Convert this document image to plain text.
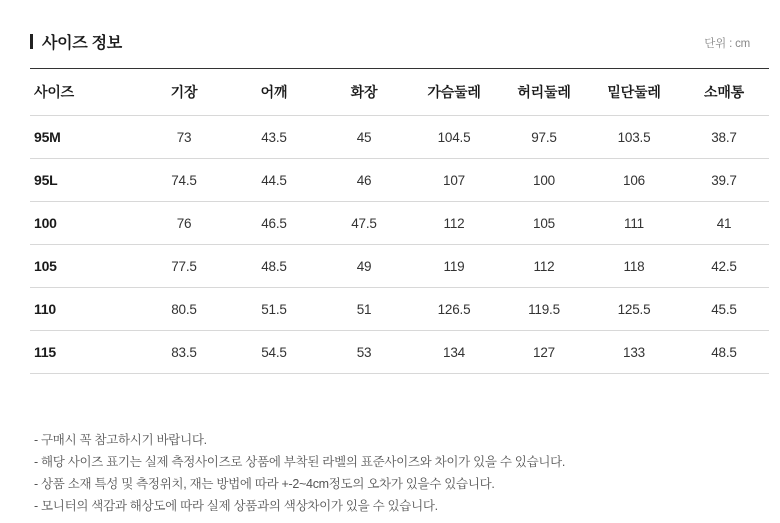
사이즈 정보	단위 : cm
사이즈	기장	어깨	화장	가슴둘레	허리둘레	밑단둘레	소매통
95M	73	43.5	45	104.5	97.5	103.5	38.7
95L	74.5	44.5	46	107	100	106	39.7
100	76	46.5	47.5	112	105	111	41
105	77.5	48.5	49	119	112	118	42.5
110	80.5	51.5	51	126.5	119.5	125.5	45.5
115	83.5	54.5	53	134	127	133	48.5
- 구매시 꼭 참고하시기 바랍니다.
- 해당 사이즈 표기는 실제 측정사이즈로 상품에 부착된 라벨의 표준사이즈와 차이가 있을 수 있습니다.
- 상품 소재 특성 및 측정위치, 재는 방법에 따라 +-2~4cm정도의 오차가 있을수 있습니다.
- 모니터의 색감과 해상도에 따라 실제 상품과의 색상차이가 있을 수 있습니다.
